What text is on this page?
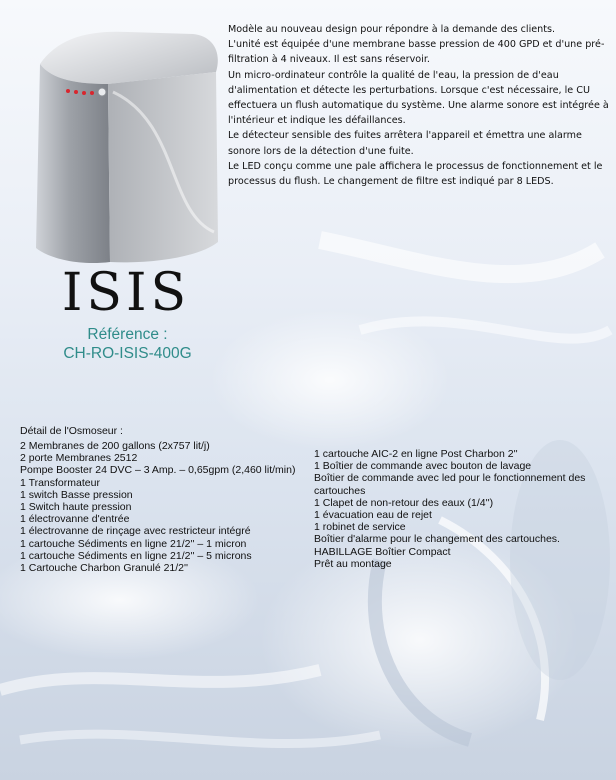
Modèle au nouveau design pour répondre à la demande des clients.

L'unité est équipée d'une membrane basse pression de 400 GPD et d'une pré-filtration à 4 niveaux. Il est sans réservoir.

Un micro-ordinateur contrôle la qualité de l'eau, la pression de d'eau d'alimentation et détecte les perturbations. Lorsque c'est nécessaire, le CU effectuera un flush automatique du système. Une alarme sonore est intégrée à l'intérieur et indique les défaillances.

Le détecteur sensible des fuites arrêtera l'appareil et émettra une alarme sonore lors de la détection d'une fuite.

Le LED conçu comme une pale affichera le processus de fonctionnement et le processus du flush. Le changement de filtre est indiqué par 8 LEDS.

ISIS
Référence :
CH-RO-ISIS-400G
Détail de l'Osmoseur :
2 Membranes de 200 gallons (2x757 lit/j)
2 porte Membranes 2512
Pompe Booster 24 DVC – 3 Amp. – 0,65gpm (2,460 lit/min)
1 Transformateur
1 switch Basse pression
1 Switch haute pression
1 électrovanne d'entrée
1 électrovanne de rinçage avec restricteur intégré
1 cartouche Sédiments en ligne 21/2'' – 1 micron
1 cartouche Sédiments en ligne 21/2'' – 5 microns
1 Cartouche Charbon Granulé 21/2''
1 cartouche AIC-2 en ligne Post Charbon 2''
1 Boîtier de commande avec bouton de lavage
Boîtier de commande avec led pour le fonctionnement des cartouches
1 Clapet de non-retour des eaux (1/4'')
1 évacuation eau de rejet
1 robinet de service
Boîtier d'alarme pour le changement des cartouches.
HABILLAGE Boîtier Compact
Prêt au montage
